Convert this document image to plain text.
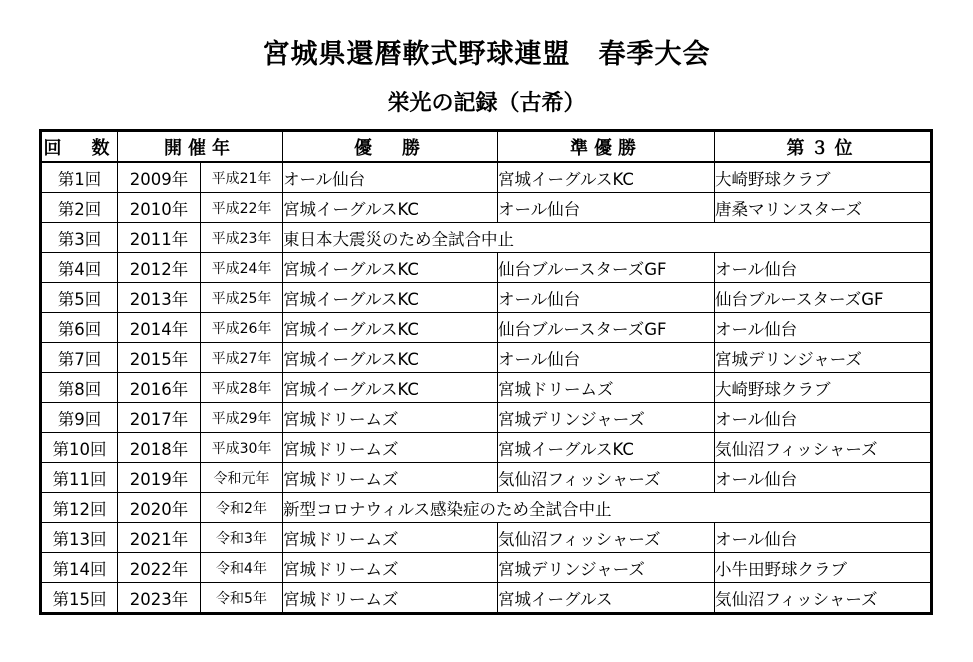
宮城県還暦軟式野球連盟　春季大会
栄光の記録（古希）
回　数	開催年		優　勝	準優勝	第３位
第1回	2009年	平成21年	オール仙台	宮城イーグルスKC	大崎野球クラブ
第2回	2010年	平成22年	宮城イーグルスKC	オール仙台	唐桑マリンスターズ
第3回	2011年	平成23年	東日本大震災のため全試合中止		
第4回	2012年	平成24年	宮城イーグルスKC	仙台ブルースターズGF	オール仙台
第5回	2013年	平成25年	宮城イーグルスKC	オール仙台	仙台ブルースターズGF
第6回	2014年	平成26年	宮城イーグルスKC	仙台ブルースターズGF	オール仙台
第7回	2015年	平成27年	宮城イーグルスKC	オール仙台	宮城デリンジャーズ
第8回	2016年	平成28年	宮城イーグルスKC	宮城ドリームズ	大崎野球クラブ
第9回	2017年	平成29年	宮城ドリームズ	宮城デリンジャーズ	オール仙台
第10回	2018年	平成30年	宮城ドリームズ	宮城イーグルスKC	気仙沼フィッシャーズ
第11回	2019年	令和元年	宮城ドリームズ	気仙沼フィッシャーズ	オール仙台
第12回	2020年	令和2年	新型コロナウィルス感染症のため全試合中止		
第13回	2021年	令和3年	宮城ドリームズ	気仙沼フィッシャーズ	オール仙台
第14回	2022年	令和4年	宮城ドリームズ	宮城デリンジャーズ	小牛田野球クラブ
第15回	2023年	令和5年	宮城ドリームズ	宮城イーグルス	気仙沼フィッシャーズ
